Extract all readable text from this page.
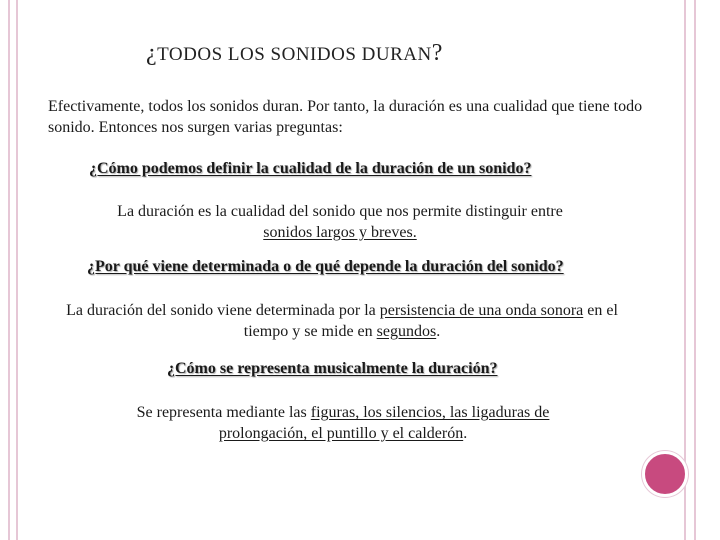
¿TODOS LOS SONIDOS DURAN?
Efectivamente, todos los sonidos duran. Por tanto, la duración es una cualidad que tiene todo sonido. Entonces nos surgen varias preguntas:
¿Cómo podemos definir la cualidad de la duración de un sonido?
La duración es la cualidad del sonido que nos permite distinguir entre
sonidos largos y breves.
¿Por qué viene determinada o de qué depende la duración del sonido?
La duración del sonido viene determinada por la persistencia de una onda sonora en el tiempo y se mide en segundos.
¿Cómo se representa musicalmente la duración?
Se representa mediante las figuras, los silencios, las ligaduras de prolongación, el puntillo y el calderón.
